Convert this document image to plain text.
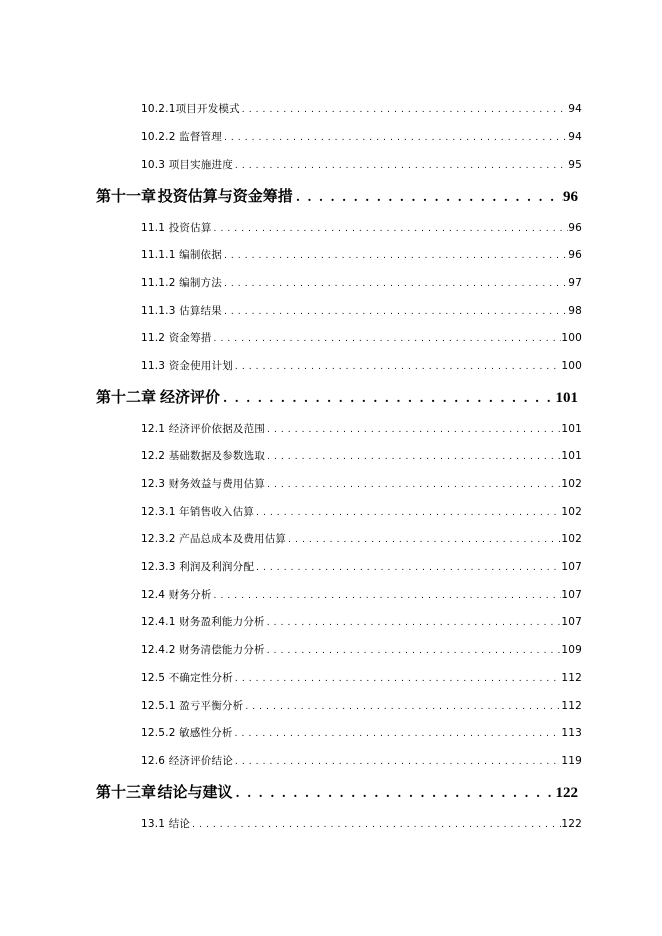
10.2.1项目开发模式 . . .	94
10.2.2 监督管理 . . .	94
10.3 项目实施进度 . . .	95
第十一章 投资估算与资金筹措 . . .	96
11.1 投资估算 . . .	96
11.1.1 编制依据 . . .	96
11.1.2 编制方法 . . .	97
11.1.3 估算结果 . . .	98
11.2 资金筹措 . . .	100
11.3 资金使用计划 . . .	100
第十二章 经济评价 . . .	101
12.1 经济评价依据及范围 . . .	101
12.2 基础数据及参数选取 . . .	101
12.3 财务效益与费用估算 . . .	102
12.3.1 年销售收入估算 . . .	102
12.3.2 产品总成本及费用估算 . . .	102
12.3.3 利润及利润分配 . . .	107
12.4 财务分析 . . .	107
12.4.1 财务盈利能力分析 . . .	107
12.4.2 财务清偿能力分析 . . .	109
12.5 不确定性分析 . . .	112
12.5.1 盈亏平衡分析 . . .	112
12.5.2 敏感性分析 . . .	113
12.6 经济评价结论 . . .	119
第十三章 结论与建议 . . .	122
13.1 结论 . . .	122
